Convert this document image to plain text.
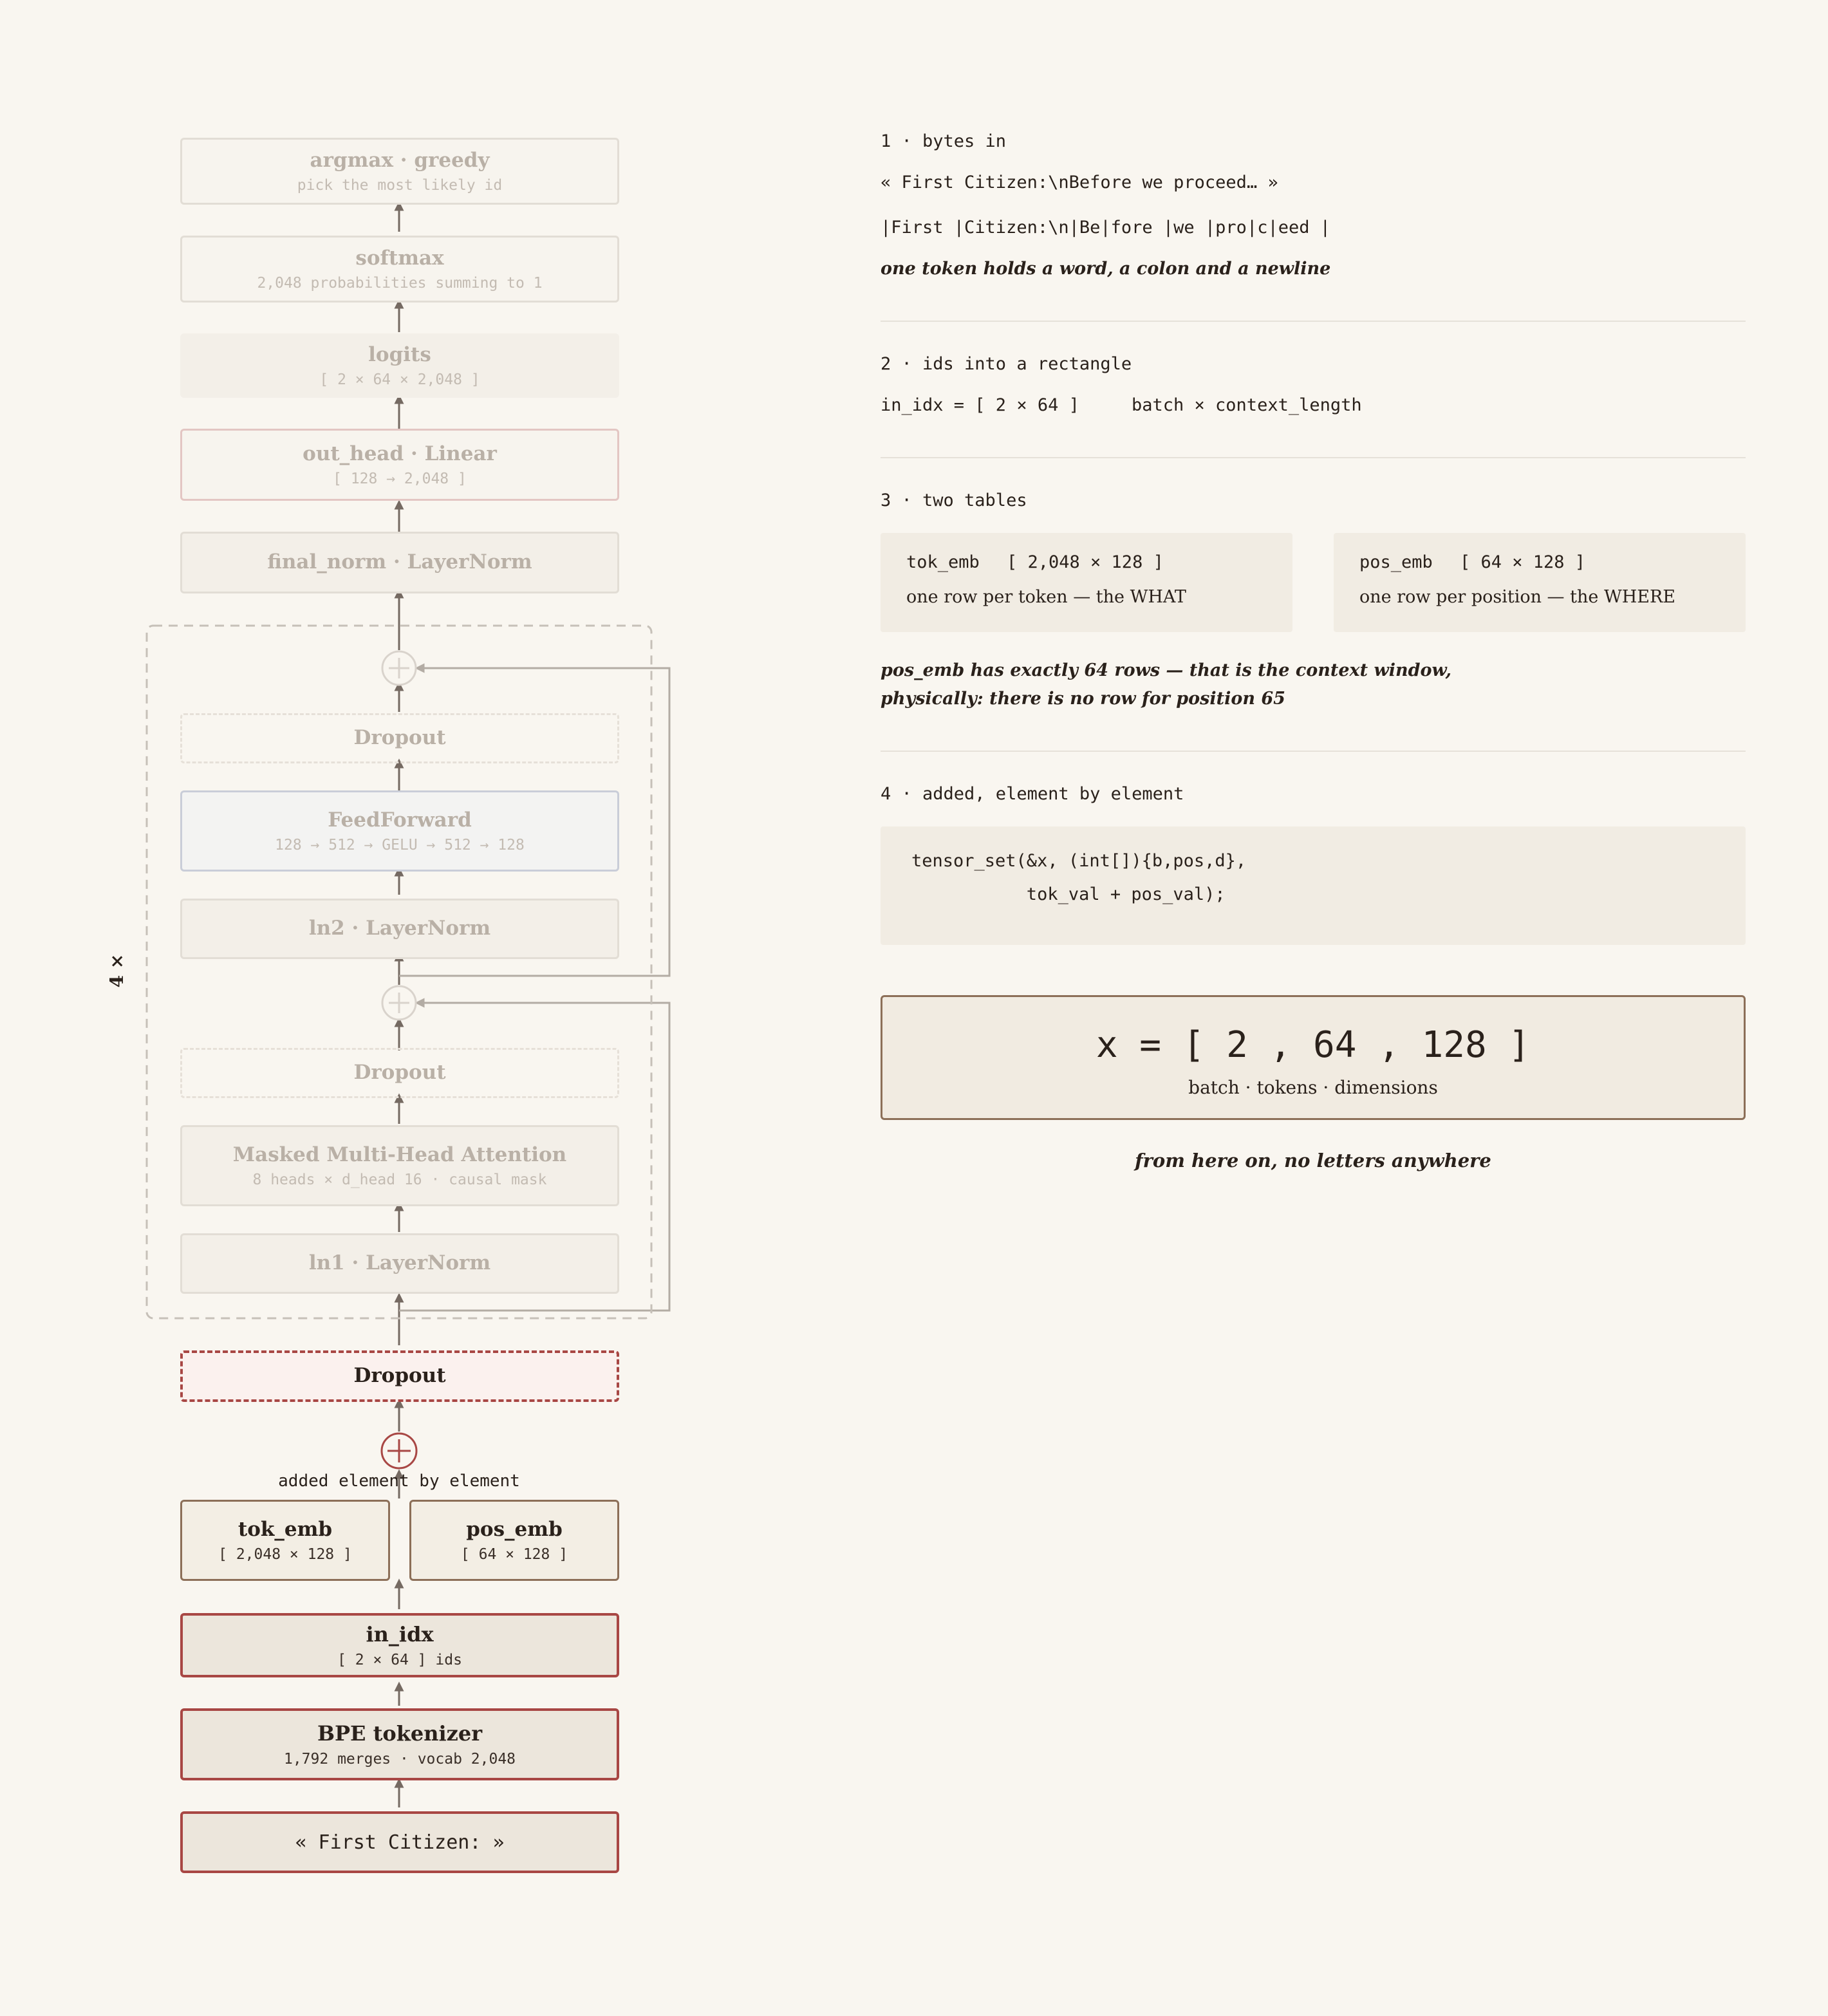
4 ×
argmax · greedy
pick the most likely id
softmax
2,048 probabilities summing to 1
logits
[ 2 × 64 × 2,048 ]
out_head · Linear
[ 128 → 2,048 ]
final_norm · LayerNorm
Dropout
FeedForward
128 → 512 → GELU → 512 → 128
ln2 · LayerNorm
Dropout
Masked Multi-Head Attention
8 heads × d_head 16 · causal mask
ln1 · LayerNorm
Dropout
added element by element
tok_emb
[ 2,048 × 128 ]
pos_emb
[ 64 × 128 ]
in_idx
[ 2 × 64 ] ids
BPE tokenizer
1,792 merges · vocab 2,048
« First Citizen: »
1 · bytes in
« First Citizen:\nBefore we proceed… »
|First |Citizen:\n|Be|fore |we |pro|c|eed |
one token holds a word, a colon and a newline
2 · ids into a rectangle
in_idx = [ 2 × 64 ]	batch × context_length
3 · two tables
tok_emb [ 2,048 × 128 ]
one row per token — the WHAT
pos_emb [ 64 × 128 ]
one row per position — the WHERE
pos_emb has exactly 64 rows — that is the context window,
physically: there is no row for position 65
4 · added, element by element
tensor_set(&x, (int[]){b,pos,d},
tok_val + pos_val);
x = [ 2 , 64 , 128 ]
batch · tokens · dimensions
from here on, no letters anywhere
